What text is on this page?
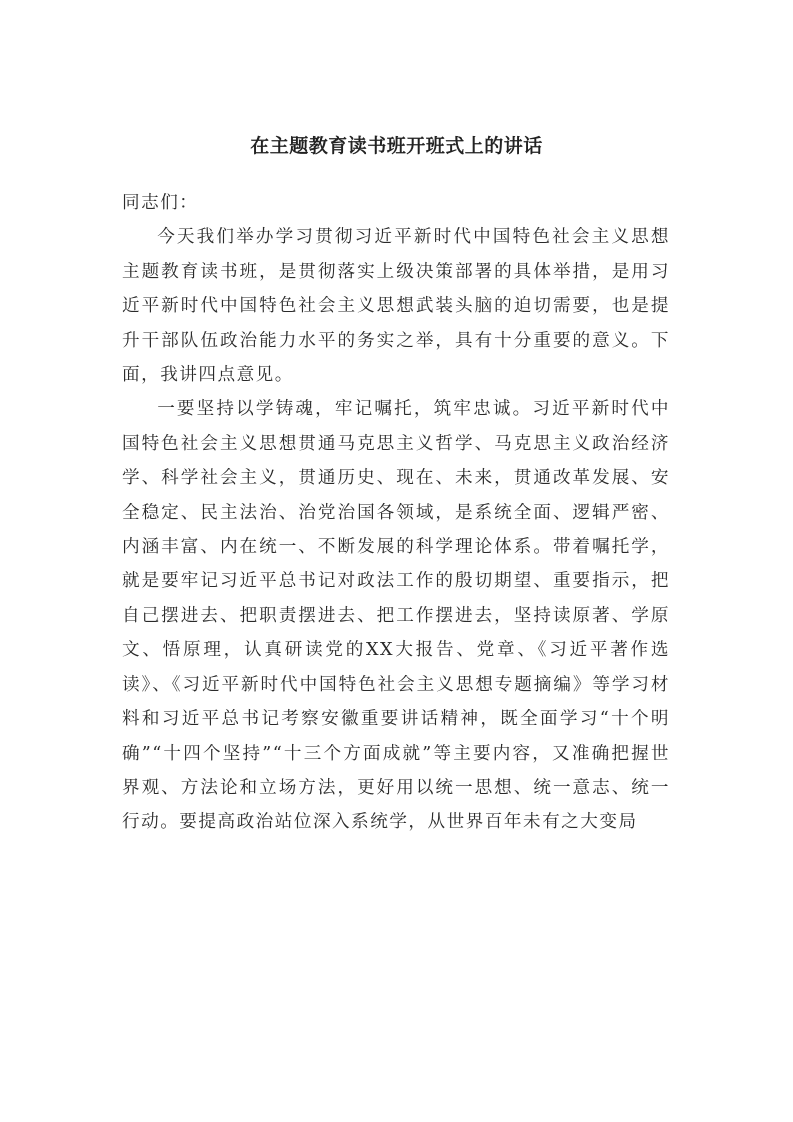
在主题教育读书班开班式上的讲话

同志们：

今天我们举办学习贯彻习近平新时代中国特色社会主义思想主题教育读书班，是贯彻落实上级决策部署的具体举措，是用习近平新时代中国特色社会主义思想武装头脑的迫切需要，也是提升干部队伍政治能力水平的务实之举，具有十分重要的意义。下面，我讲四点意见。

一要坚持以学铸魂，牢记嘱托，筑牢忠诚。习近平新时代中国特色社会主义思想贯通马克思主义哲学、马克思主义政治经济学、科学社会主义，贯通历史、现在、未来，贯通改革发展、安全稳定、民主法治、治党治国各领域，是系统全面、逻辑严密、内涵丰富、内在统一、不断发展的科学理论体系。带着嘱托学，就是要牢记习近平总书记对政法工作的殷切期望、重要指示，把自己摆进去、把职责摆进去、把工作摆进去，坚持读原著、学原文、悟原理，认真研读党的XX大报告、党章、《习近平著作选读》、《习近平新时代中国特色社会主义思想专题摘编》等学习材料和习近平总书记考察安徽重要讲话精神，既全面学习“十个明确”“十四个坚持”“十三个方面成就”等主要内容，又准确把握世界观、方法论和立场方法，更好用以统一思想、统一意志、统一行动。要提高政治站位深入系统学，从世界百年未有之大变局
